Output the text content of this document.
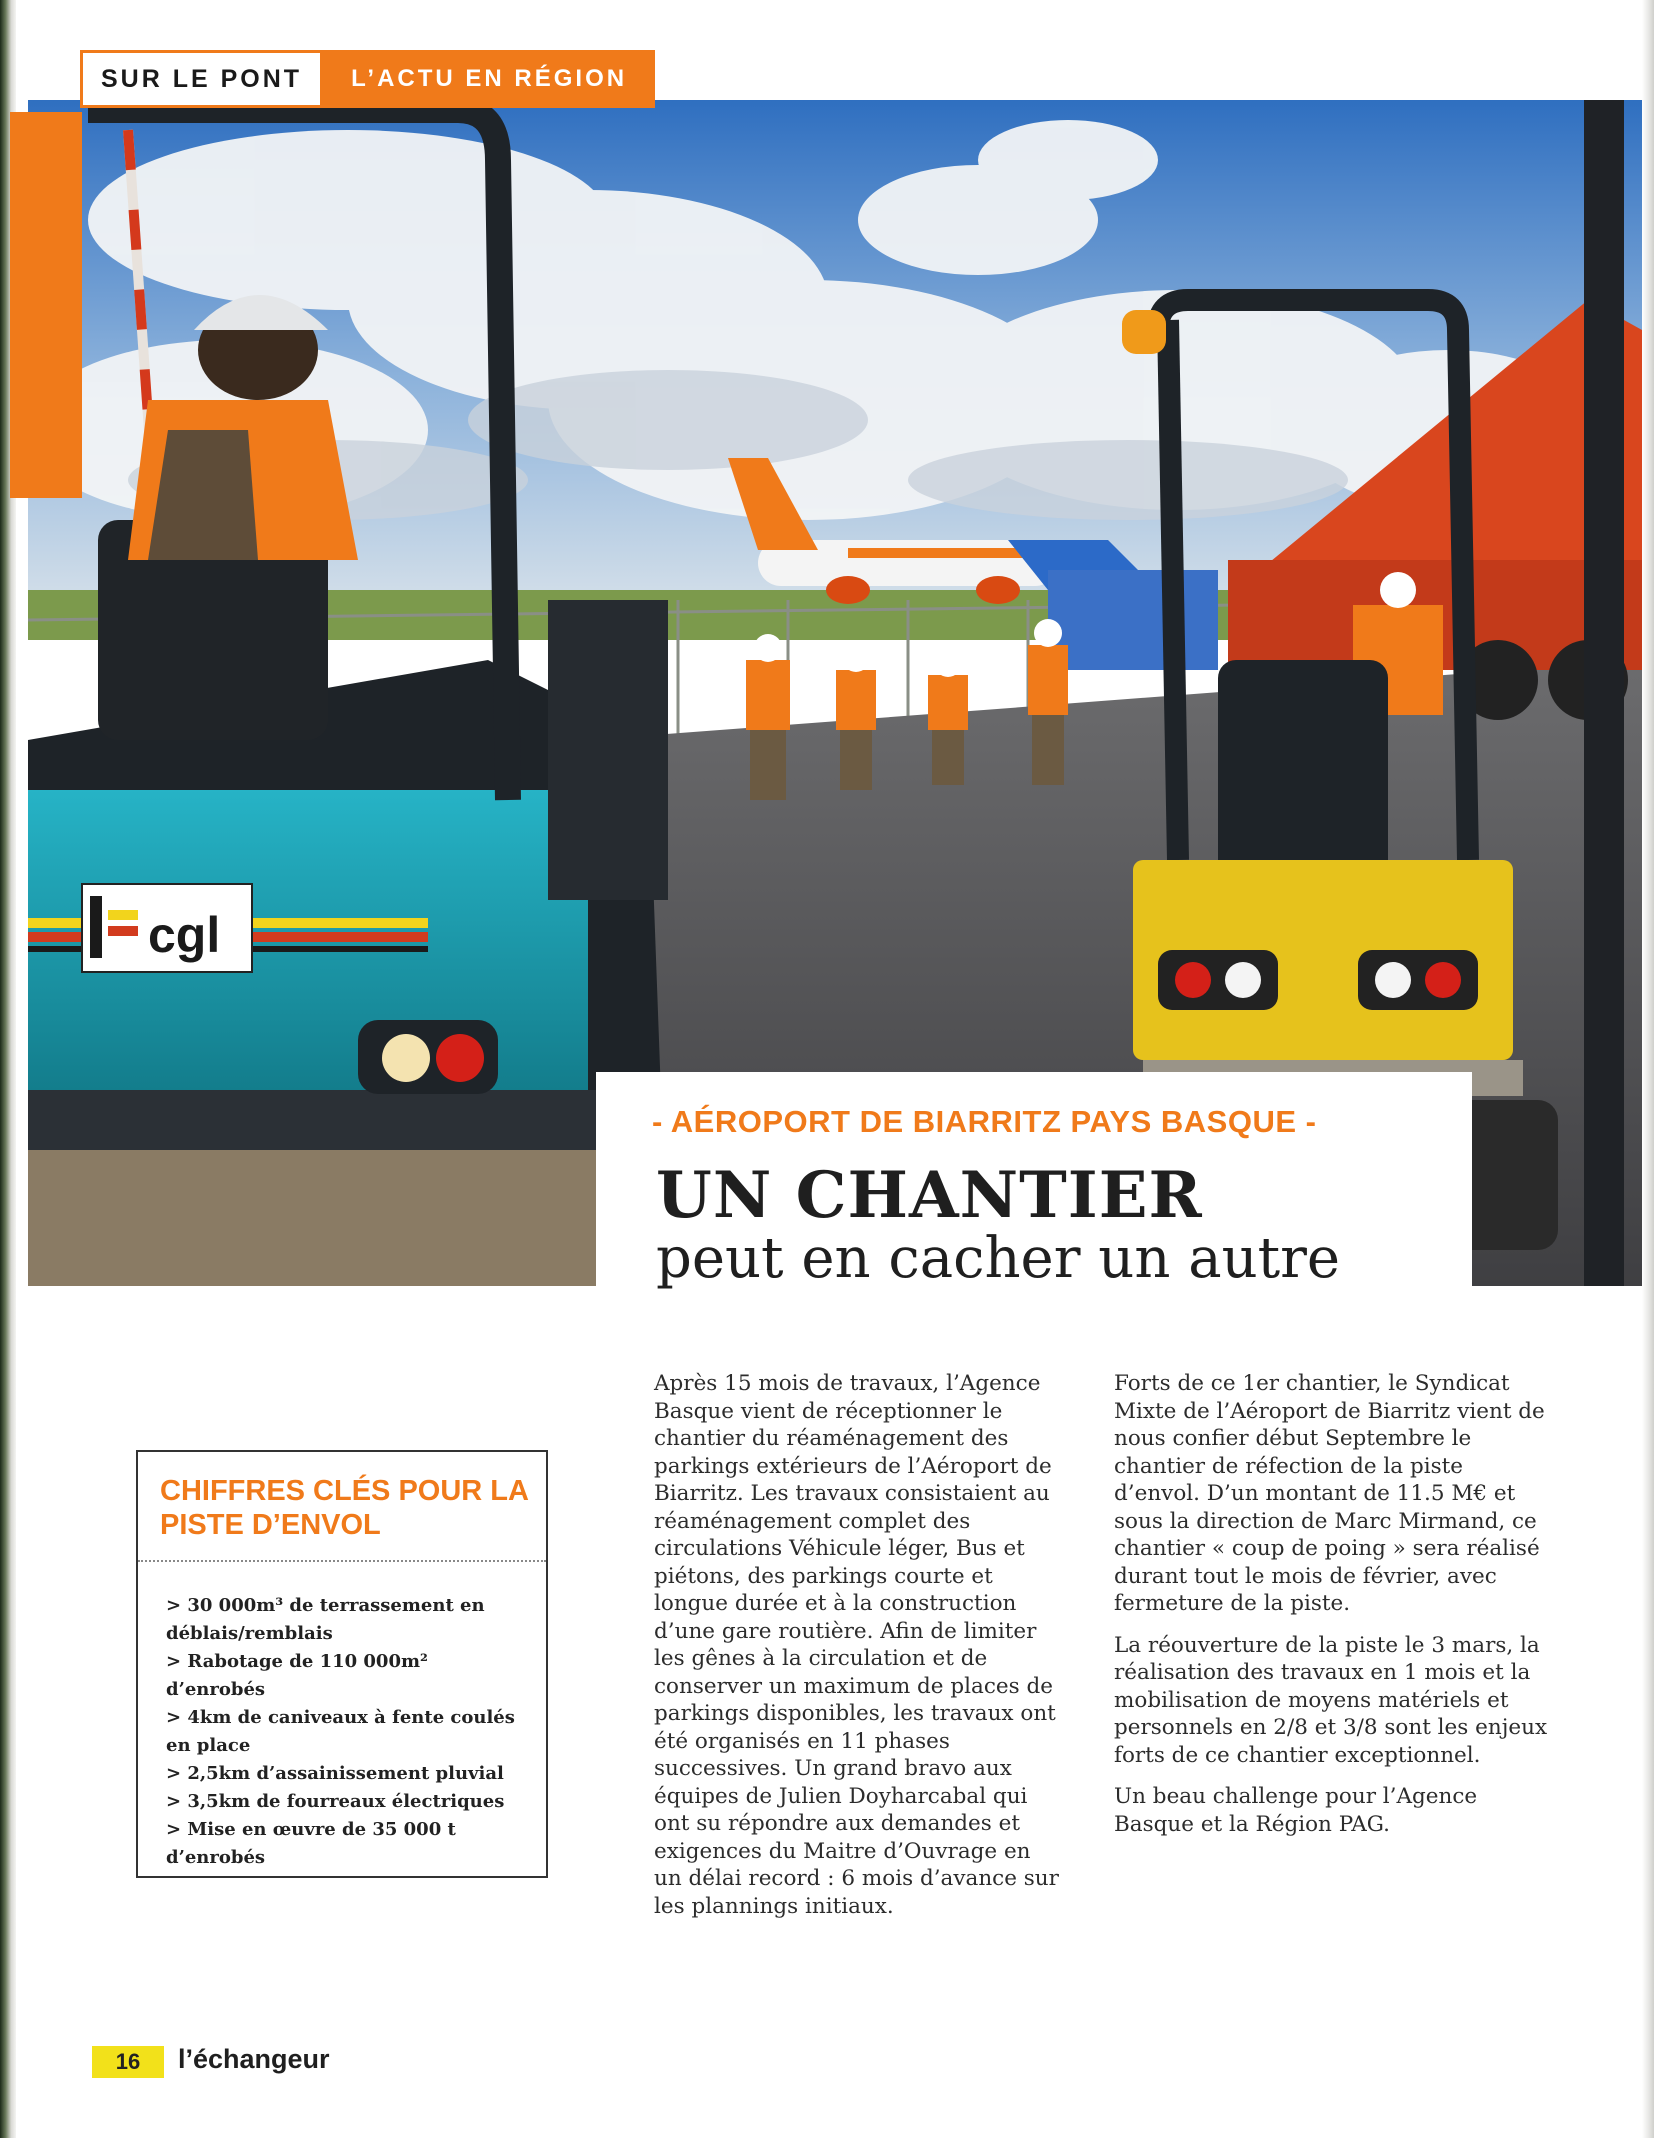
cgl
SUR LE PONT	L’ACTU EN RÉGION
- AÉROPORT DE BIARRITZ PAYS BASQUE -
UN CHANTIER
peut en cacher un autre
CHIFFRES CLÉS POUR LA PISTE D’ENVOL
> 30 000m³ de terrassement en déblais/remblais
> Rabotage de 110 000m² d’enrobés
> 4km de caniveaux à fente coulés en place
> 2,5km d’assainissement pluvial
> 3,5km de fourreaux électriques
> Mise en œuvre de 35 000 t d’enrobés

Après 15 mois de travaux, l’Agence Basque vient de réceptionner le chantier du réaménagement des parkings extérieurs de l’Aéroport de Biarritz. Les travaux consistaient au réaménagement complet des circulations Véhicule léger, Bus et piétons, des parkings courte et longue durée et à la construction d’une gare routière. Afin de limiter les gênes à la circulation et de conserver un maximum de places de parkings disponibles, les travaux ont été organisés en 11 phases successives. Un grand bravo aux équipes de Julien Doyharcabal qui ont su répondre aux demandes et exigences du Maitre d’Ouvrage en un délai record : 6 mois d’avance sur les plannings initiaux.

Forts de ce 1er chantier, le Syndicat Mixte de l’Aéroport de Biarritz vient de nous confier début Septembre le chantier de réfection de la piste d’envol. D’un montant de 11.5 M€ et sous la direction de Marc Mirmand, ce chantier « coup de poing » sera réalisé durant tout le mois de février, avec fermeture de la piste.

La réouverture de la piste le 3 mars, la réalisation des travaux en 1 mois et la mobilisation de moyens matériels et personnels en 2/8 et 3/8 sont les enjeux forts de ce chantier exceptionnel.

Un beau challenge pour l’Agence Basque et la Région PAG.

16	l’échangeur
